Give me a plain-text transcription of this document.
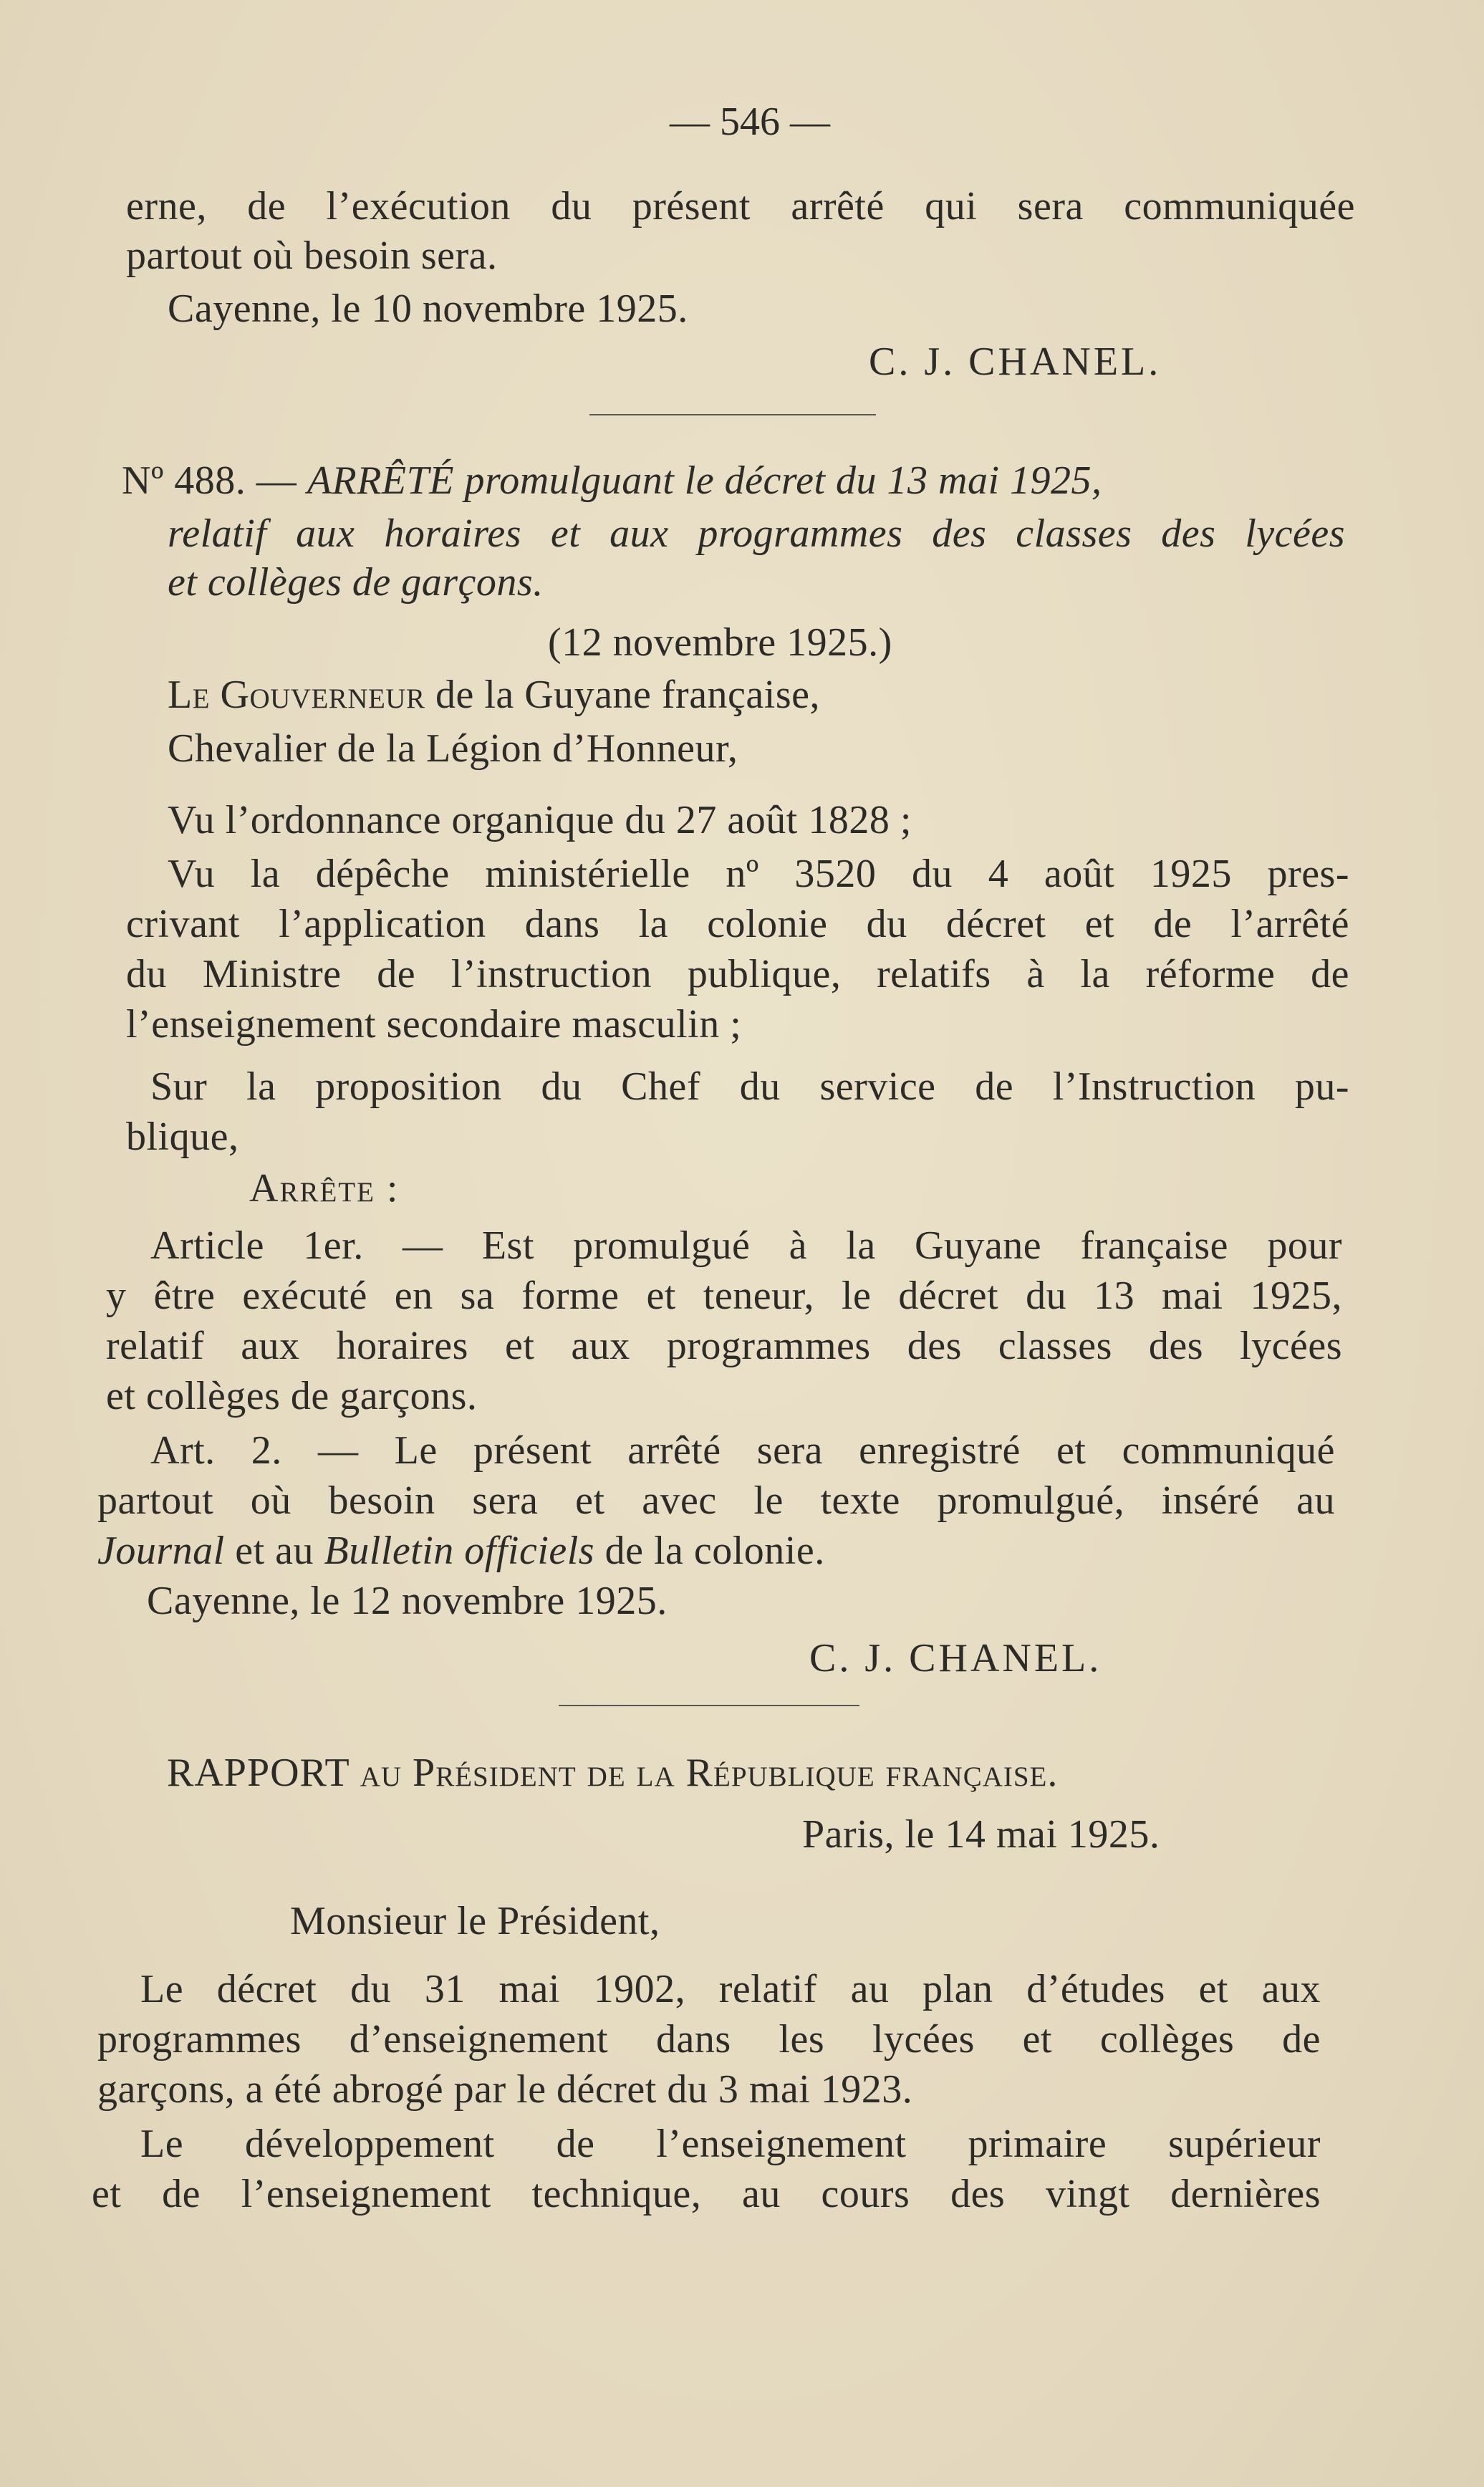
— 546 —
erne, de l’exécution du présent arrêté qui sera communiquée
partout où besoin sera.
Cayenne, le 10 novembre 1925.
C. J. CHANEL.
Nº 488. — ARRÊTÉ promulguant le décret du 13 mai 1925,
relatif aux horaires et aux programmes des classes des lycées
et collèges de garçons.
(12 novembre 1925.)
Le Gouverneur de la Guyane française,
Chevalier de la Légion d’Honneur,
Vu l’ordonnance organique du 27 août 1828 ;
Vu la dépêche ministérielle nº 3520 du 4 août 1925 pres-
crivant l’application dans la colonie du décret et de l’arrêté
du Ministre de l’instruction publique, relatifs à la réforme de
l’enseignement secondaire masculin ;
Sur la proposition du Chef du service de l’Instruction pu-
blique,
Arrête :
Article 1er. — Est promulgué à la Guyane française pour
y être exécuté en sa forme et teneur, le décret du 13 mai 1925,
relatif aux horaires et aux programmes des classes des lycées
et collèges de garçons.
Art. 2. — Le présent arrêté sera enregistré et communiqué
partout où besoin sera et avec le texte promulgué, inséré au
Journal et au Bulletin officiels de la colonie.
Cayenne, le 12 novembre 1925.
C. J. CHANEL.
RAPPORT au Président de la République française.
Paris, le 14 mai 1925.
Monsieur le Président,
Le décret du 31 mai 1902, relatif au plan d’études et aux
programmes d’enseignement dans les lycées et collèges de
garçons, a été abrogé par le décret du 3 mai 1923.
Le développement de l’enseignement primaire supérieur
et de l’enseignement technique, au cours des vingt dernières
